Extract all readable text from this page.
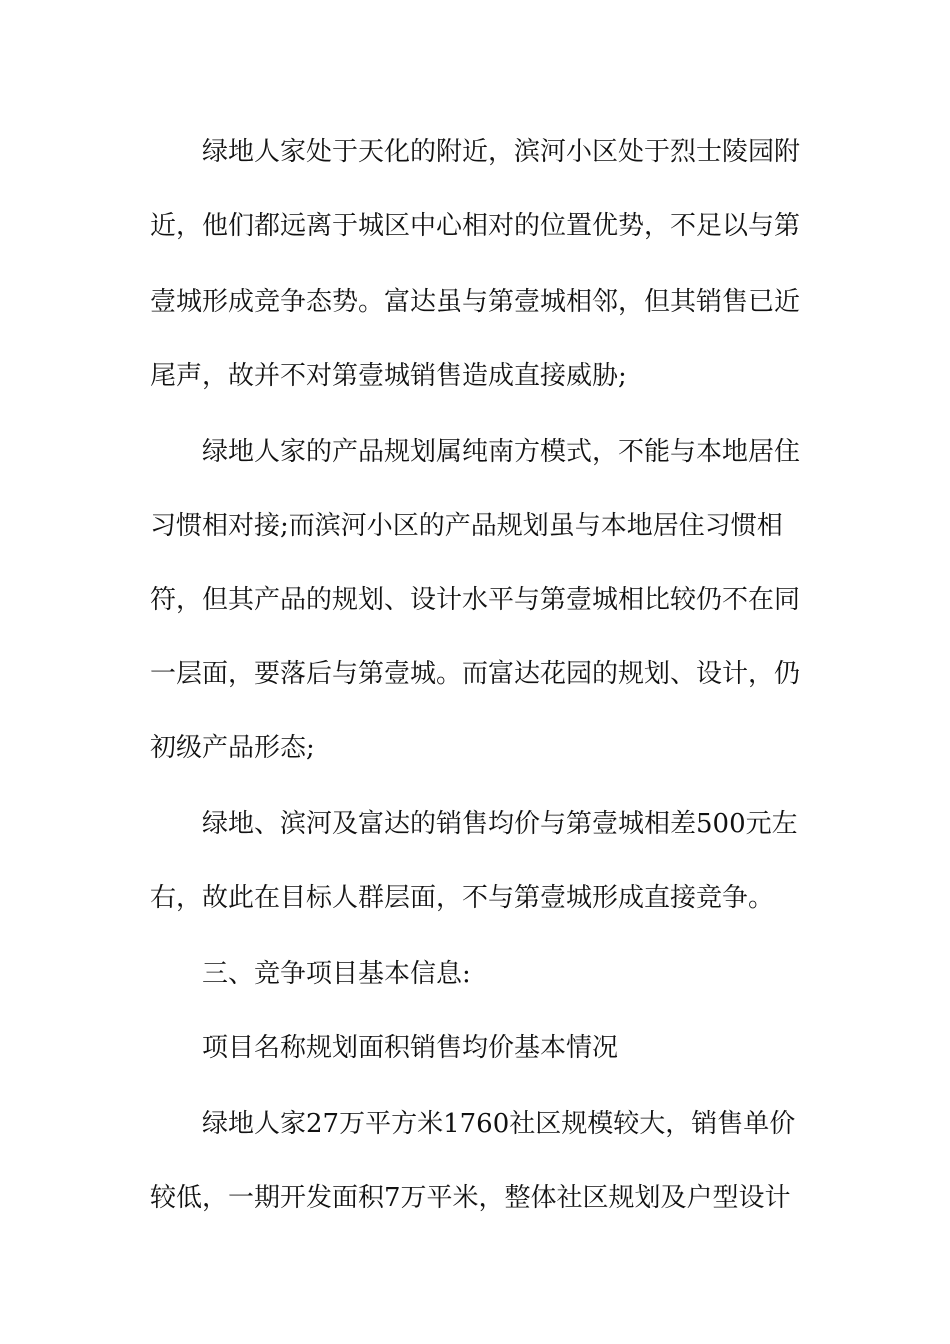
绿地人家处于天化的附近，滨河小区处于烈士陵园附
近，他们都远离于城区中心相对的位置优势，不足以与第
壹城形成竞争态势。富达虽与第壹城相邻，但其销售已近
尾声，故并不对第壹城销售造成直接威胁;
绿地人家的产品规划属纯南方模式，不能与本地居住
习惯相对接;而滨河小区的产品规划虽与本地居住习惯相
符，但其产品的规划、设计水平与第壹城相比较仍不在同
一层面，要落后与第壹城。而富达花园的规划、设计，仍
初级产品形态;
绿地、滨河及富达的销售均价与第壹城相差500元左
右，故此在目标人群层面，不与第壹城形成直接竞争。
三、竞争项目基本信息:
项目名称规划面积销售均价基本情况
绿地人家27万平方米1760社区规模较大，销售单价
较低，一期开发面积7万平米，整体社区规划及户型设计
